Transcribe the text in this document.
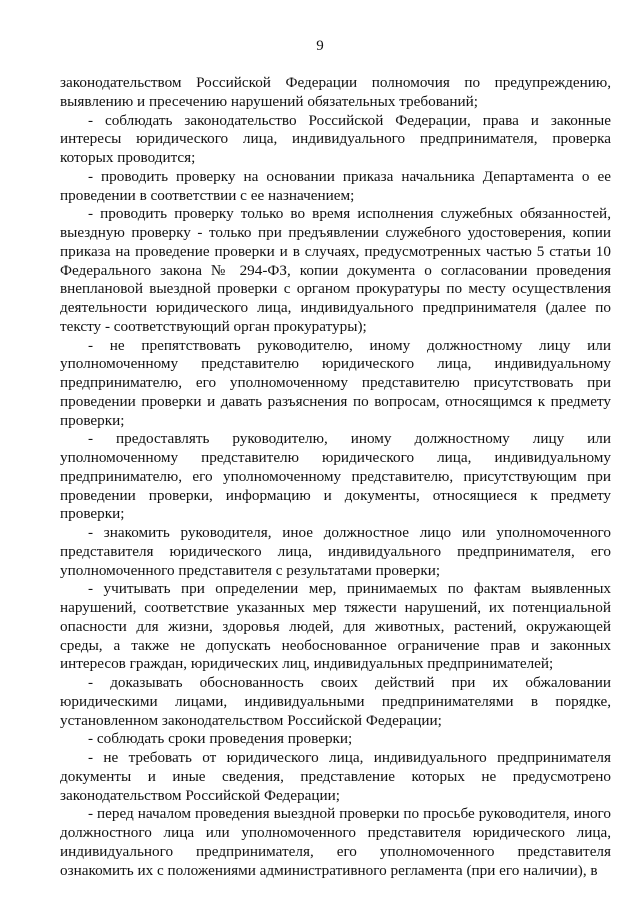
9

законодательством Российской Федерации полномочия по предупреждению, выявлению и пресечению нарушений обязательных требований;

- соблюдать законодательство Российской Федерации, права и законные интересы юридического лица, индивидуального предпринимателя, проверка которых проводится;

- проводить проверку на основании приказа начальника Департамента о ее проведении в соответствии с ее назначением;

- проводить проверку только во время исполнения служебных обязанностей, выездную проверку - только при предъявлении служебного удостоверения, копии приказа на проведение проверки и в случаях, предусмотренных частью 5 статьи 10 Федерального закона № 294-ФЗ, копии документа о согласовании проведения внеплановой выездной проверки с органом прокуратуры по месту осуществления деятельности юридического лица, индивидуального предпринимателя (далее по тексту - соответствующий орган прокуратуры);

- не препятствовать руководителю, иному должностному лицу или уполномоченному представителю юридического лица, индивидуальному предпринимателю, его уполномоченному представителю присутствовать при проведении проверки и давать разъяснения по вопросам, относящимся к предмету проверки;

- предоставлять руководителю, иному должностному лицу или уполномоченному представителю юридического лица, индивидуальному предпринимателю, его уполномоченному представителю, присутствующим при проведении проверки, информацию и документы, относящиеся к предмету проверки;

- знакомить руководителя, иное должностное лицо или уполномоченного представителя юридического лица, индивидуального предпринимателя, его уполномоченного представителя с результатами проверки;

- учитывать при определении мер, принимаемых по фактам выявленных нарушений, соответствие указанных мер тяжести нарушений, их потенциальной опасности для жизни, здоровья людей, для животных, растений, окружающей среды, а также не допускать необоснованное ограничение прав и законных интересов граждан, юридических лиц, индивидуальных предпринимателей;

- доказывать обоснованность своих действий при их обжаловании юридическими лицами, индивидуальными предпринимателями в порядке, установленном законодательством Российской Федерации;

- соблюдать сроки проведения проверки;

- не требовать от юридического лица, индивидуального предпринимателя документы и иные сведения, представление которых не предусмотрено законодательством Российской Федерации;

- перед началом проведения выездной проверки по просьбе руководителя, иного должностного лица или уполномоченного представителя юридического лица, индивидуального предпринимателя, его уполномоченного представителя ознакомить их с положениями административного регламента (при его наличии), в
